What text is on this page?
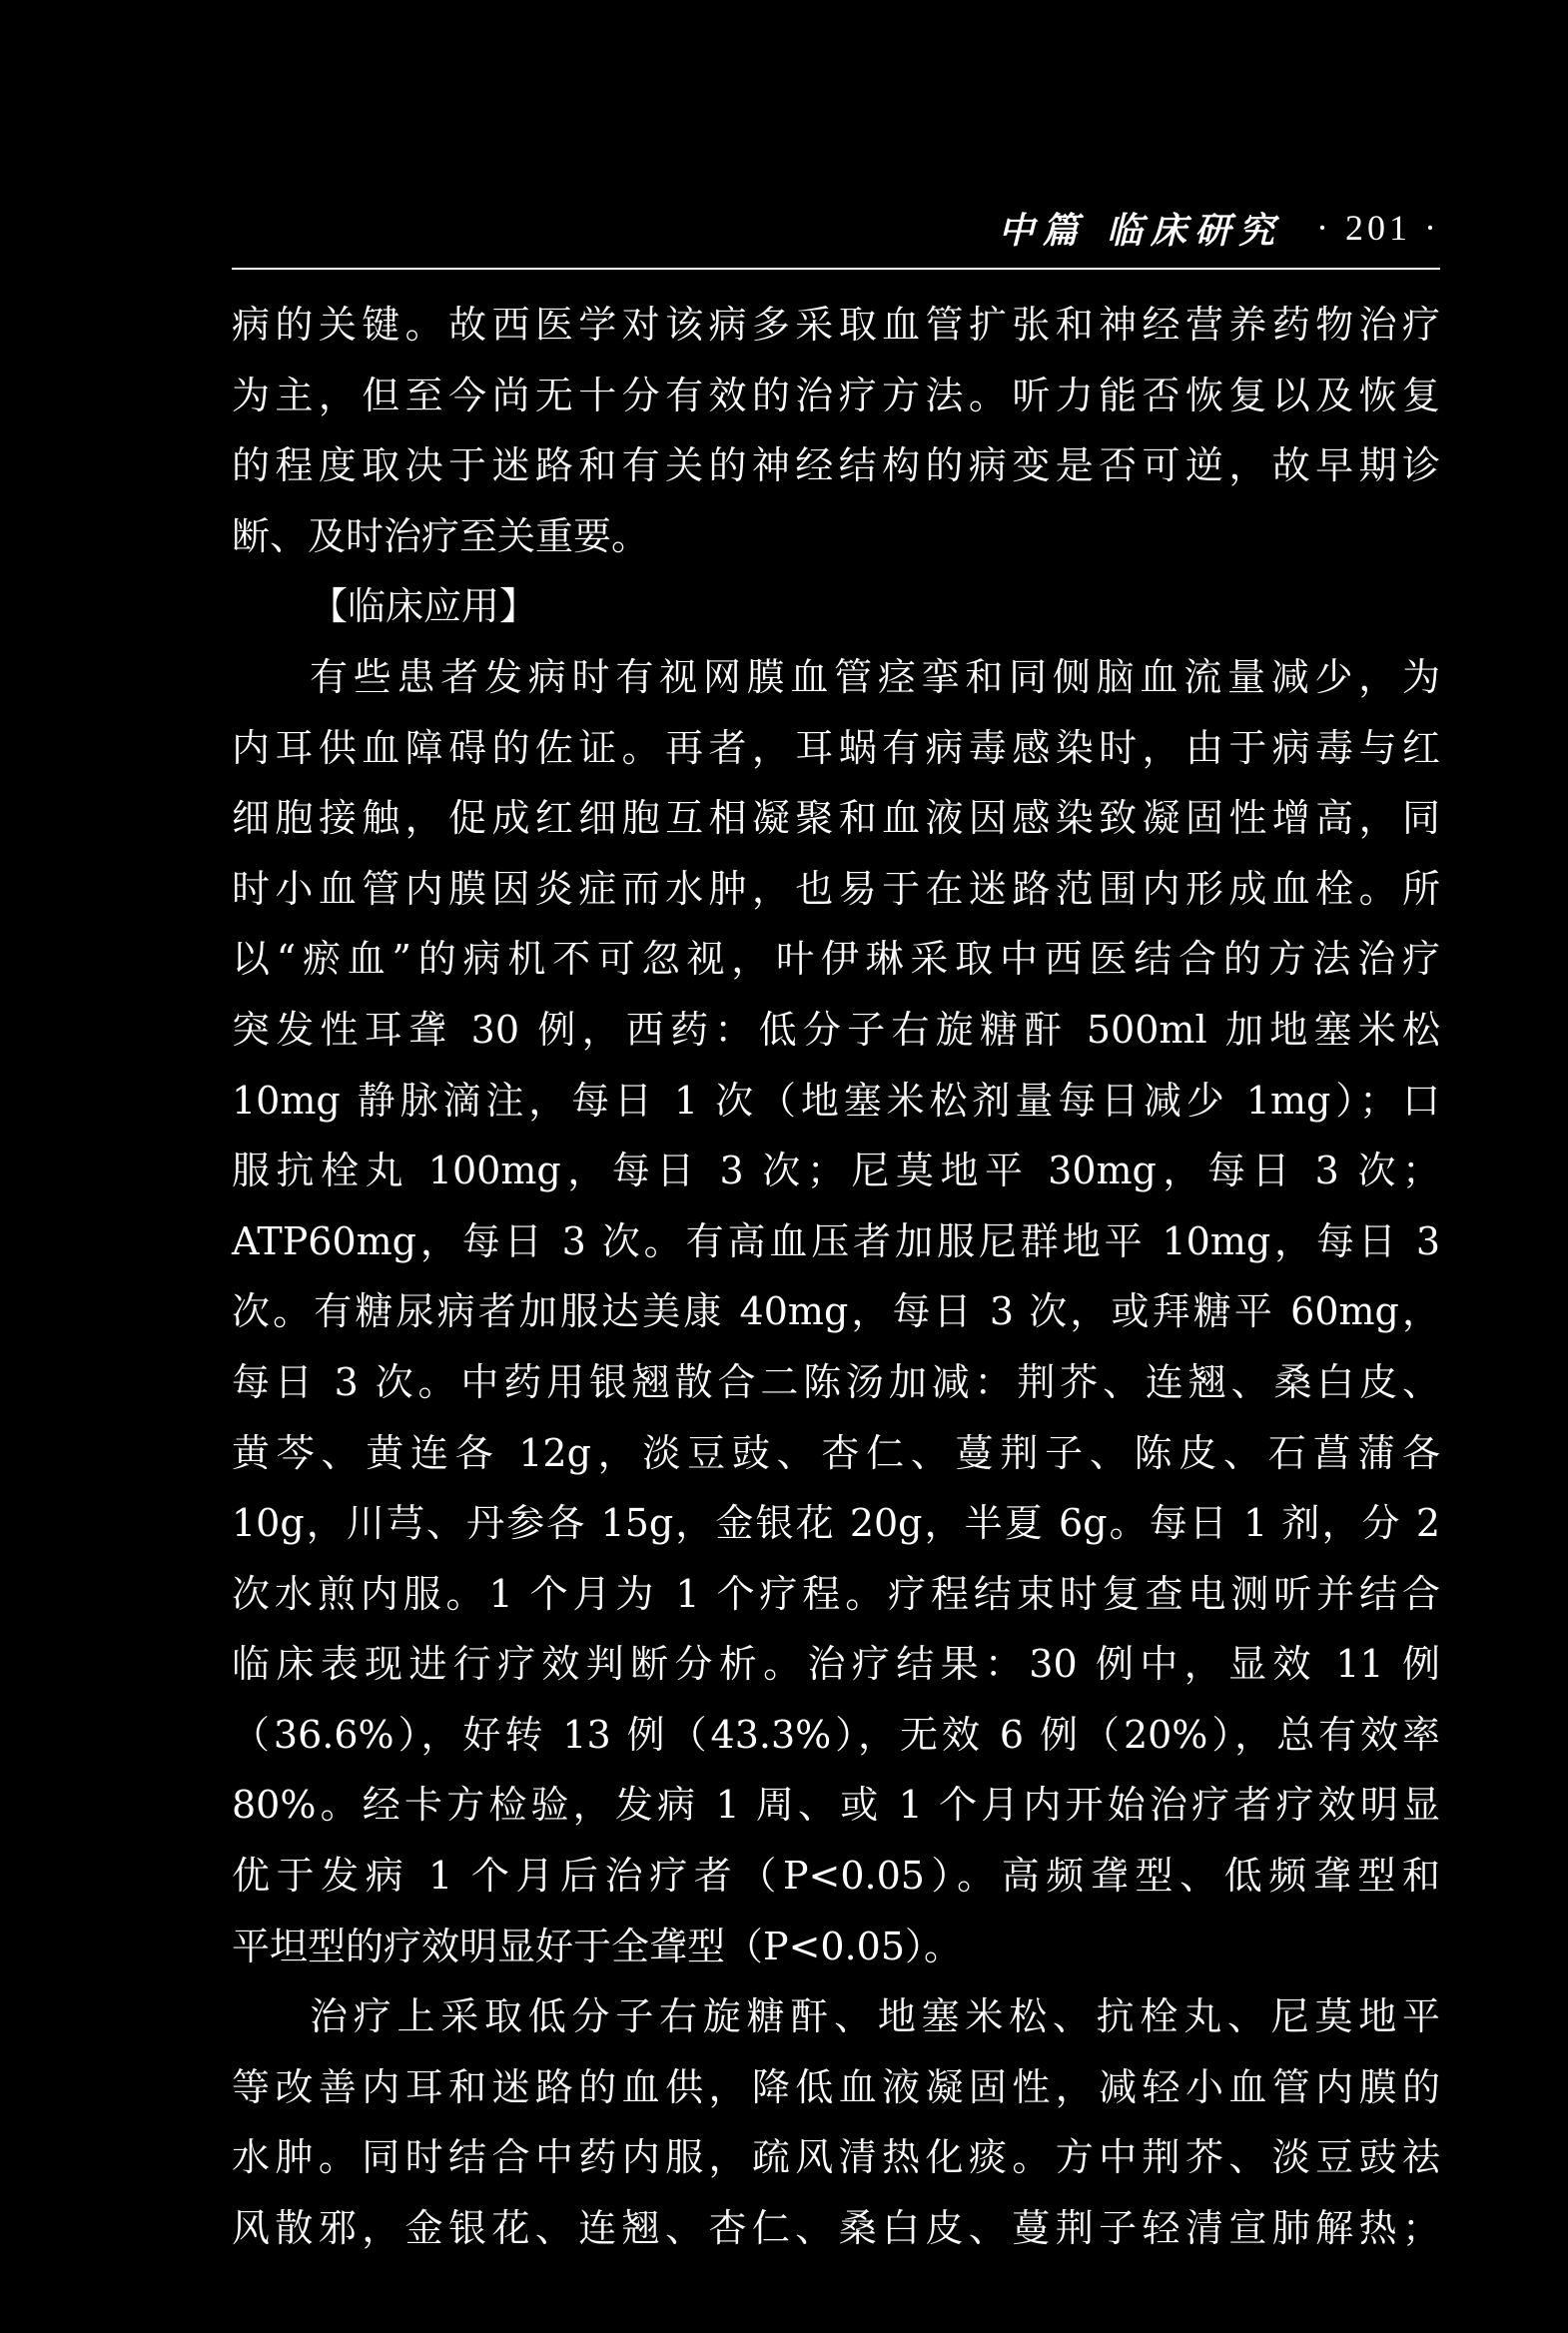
中篇 临床研究 · 201 ·
病的关键。故西医学对该病多采取血管扩张和神经营养药物治疗
为主，但至今尚无十分有效的治疗方法。听力能否恢复以及恢复
的程度取决于迷路和有关的神经结构的病变是否可逆，故早期诊
断、及时治疗至关重要。
【临床应用】
有些患者发病时有视网膜血管痉挛和同侧脑血流量减少，为
内耳供血障碍的佐证。再者，耳蜗有病毒感染时，由于病毒与红
细胞接触，促成红细胞互相凝聚和血液因感染致凝固性增高，同
时小血管内膜因炎症而水肿，也易于在迷路范围内形成血栓。所
以“瘀血”的病机不可忽视，叶伊琳采取中西医结合的方法治疗
突发性耳聋 30 例，西药：低分子右旋糖酐 500ml 加地塞米松
10mg 静脉滴注，每日 1 次（地塞米松剂量每日减少 1mg）；口
服抗栓丸 100mg，每日 3 次；尼莫地平 30mg，每日 3 次；
ATP60mg，每日 3 次。有高血压者加服尼群地平 10mg，每日 3
次。有糖尿病者加服达美康 40mg，每日 3 次，或拜糖平 60mg，
每日 3 次。中药用银翘散合二陈汤加减：荆芥、连翘、桑白皮、
黄芩、黄连各 12g，淡豆豉、杏仁、蔓荆子、陈皮、石菖蒲各
10g，川芎、丹参各 15g，金银花 20g，半夏 6g。每日 1 剂，分 2
次水煎内服。1 个月为 1 个疗程。疗程结束时复查电测听并结合
临床表现进行疗效判断分析。治疗结果：30 例中，显效 11 例
（36.6%），好转 13 例（43.3%），无效 6 例（20%），总有效率
80%。经卡方检验，发病 1 周、或 1 个月内开始治疗者疗效明显
优于发病 1 个月后治疗者（P<0.05）。高频聋型、低频聋型和
平坦型的疗效明显好于全聋型（P<0.05）。
治疗上采取低分子右旋糖酐、地塞米松、抗栓丸、尼莫地平
等改善内耳和迷路的血供，降低血液凝固性，减轻小血管内膜的
水肿。同时结合中药内服，疏风清热化痰。方中荆芥、淡豆豉祛
风散邪，金银花、连翘、杏仁、桑白皮、蔓荆子轻清宣肺解热；
